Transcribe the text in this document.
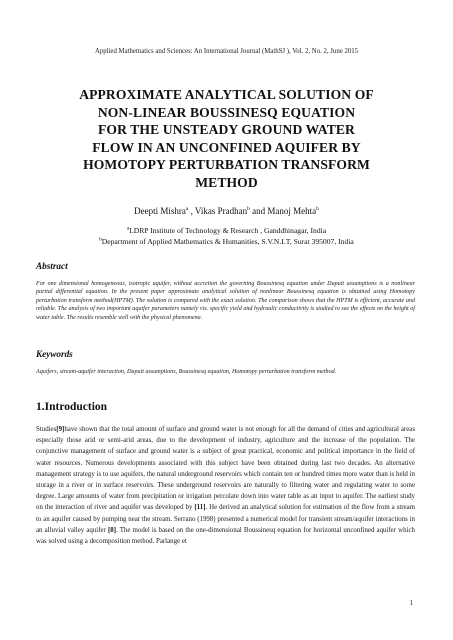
Applied Mathematics and Sciences: An International Journal (MathSJ ), Vol. 2, No. 2, June 2015
APPROXIMATE ANALYTICAL SOLUTION OF
NON-LINEAR BOUSSINESQ EQUATION
FOR THE UNSTEADY GROUND WATER
FLOW IN AN UNCONFINED AQUIFER BY
HOMOTOPY PERTURBATION TRANSFORM
METHOD
Deepti Mishra$^a$ , Vikas Pradhan$^b$ and Manoj Mehta$^b$
$^a$LDRP Institute of Technology & Research , Ganddhinagar, India
$^b$Department of Applied Mathematics & Humanities, S.V.N.I.T, Surat 395007, India
Abstract
For one dimensional homogeneous, isotropic aquifer, without accretion the governing Boussinesq equation under Dupuit assumptions is a nonlinear partial differential equation. In the present paper approximate analytical solution of nonlinear Boussinesq equation is obtained using Homotopy perturbation transform method(HPTM). The solution is compared with the exact solution. The comparison shows that the HPTM is efficient, accurate and reliable. The analysis of two important aquifer parameters namely viz. specific yield and hydraulic conductivity is studied to see the effects on the height of water table. The results resemble well with the physical phenomena.
Keywords
Aquifers, stream-aquifer interaction, Dupuit assumptions, Boussinesq equation, Homotopy perturbation transform method.
1.Introduction
Studies[9]have shown that the total amount of surface and ground water is not enough for all the demand of cities and agricultural areas especially those arid or semi-arid areas, due to the development of industry, agriculture and the increase of the population. The conjunctive management of surface and ground water is a subject of great practical, economic and political importance in the field of water resources. Numerous developments associated with this subject have been obtained during last two decades. An alternative management strategy is to use aquifers, the natural underground reservoirs which contain ten or hundred times more water than is held in storage in a river or in surface reservoirs. These underground reservoirs are naturally to filtering water and regulating water to some degree. Large amounts of water from precipitation or irrigation percolate down into water table as an input to aquifer. The earliest study on the interaction of river and aquifer was developed by [11]. He derived an analytical solution for estimation of the flow from a stream to an aquifer caused by pumping near the stream. Serrano (1998) presented a numerical model for transient stream/aquifer interactions in an alluvial valley aquifer [8]. The model is based on the one-dimensional Boussinesq equation for horizontal unconfined aquifer which was solved using a decomposition method. Parlange et
1
